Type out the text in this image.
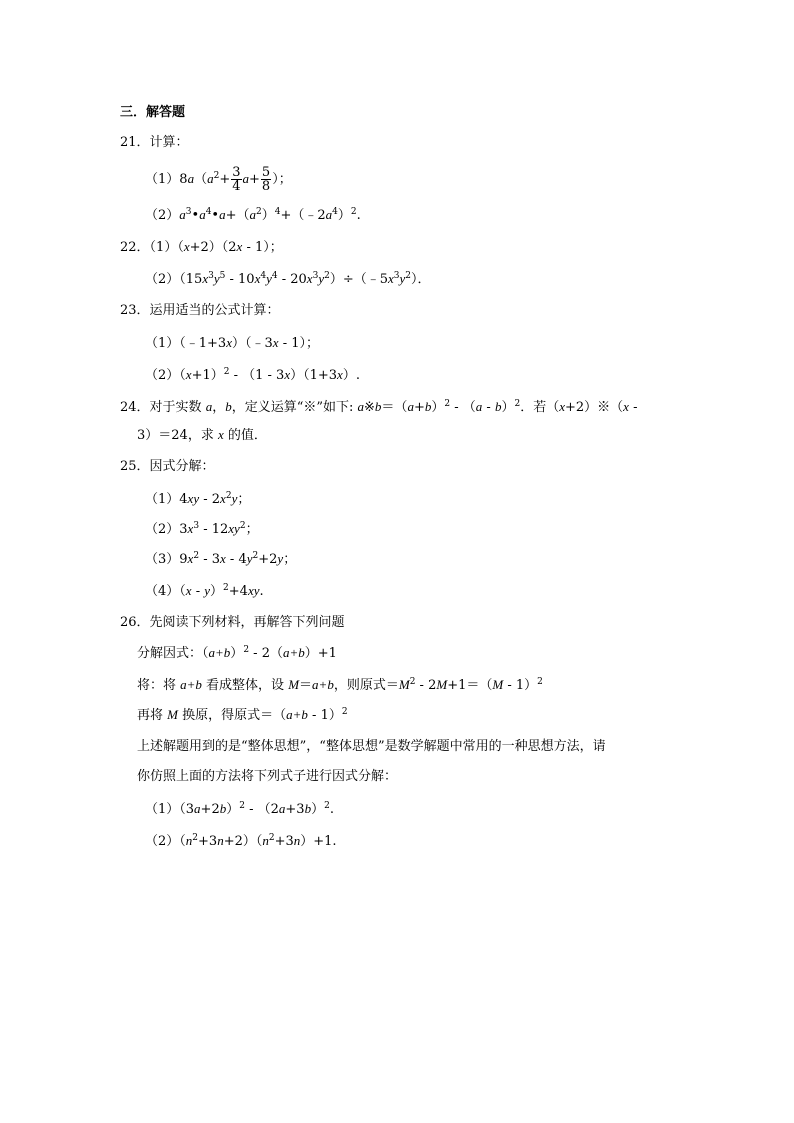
三．解答题
21．计算：
$(1)8a(a^2+ \frac{3}{4} a+ \frac{5}{8}$ ）；
$(2)a^3•a^4•a+(a^2)^4+(﹣2a^4)^2$.
22．（1）（x+2）（2x - 1）；
$(2)(15x^3y^5 - 10x^4y^4$ - $20x^3y^2)\div(﹣5x^3y^2)$．
23．运用适当的公式计算：
（1）（﹣1+3x）（﹣3x - 1）；
$(2)(x+1)^2 - (1 - 3x)(1+3x)$.
24．对于实数 a，b，定义运算“※”如下: $a※b=(a+b)^2 - (a - b)^2$．若（x+2）※（x -
3）＝24，求 x 的值．
25．因式分解：
$(1)4xy - 2x^2y$；
$(2)3x^3 - 12xy^2$；
$(3)9x^2 - 3x - 4y^2+2y$；
（4）（x - y）$^2$+4xy.
26．先阅读下列材料，再解答下列问题
分解因式：$(a+b)^2 - 2(a+b)+1$
将：将 a+b 看成整体，设 M＝a+b，则原式$=M^2 - 2M+1=(M - 1)^2$
再将 M 换原，得原式$=(a+b - 1)^2$
上述解题用到的是“整体思想”，“整体思想”是数学解题中常用的一种思想方法，请
你仿照上面的方法将下列式子进行因式分解：
$(1)(3a+2b)^2 - (2a+3b)^2$.
$(2)(n^2+3n+2)(n^2+3n)+1$.
